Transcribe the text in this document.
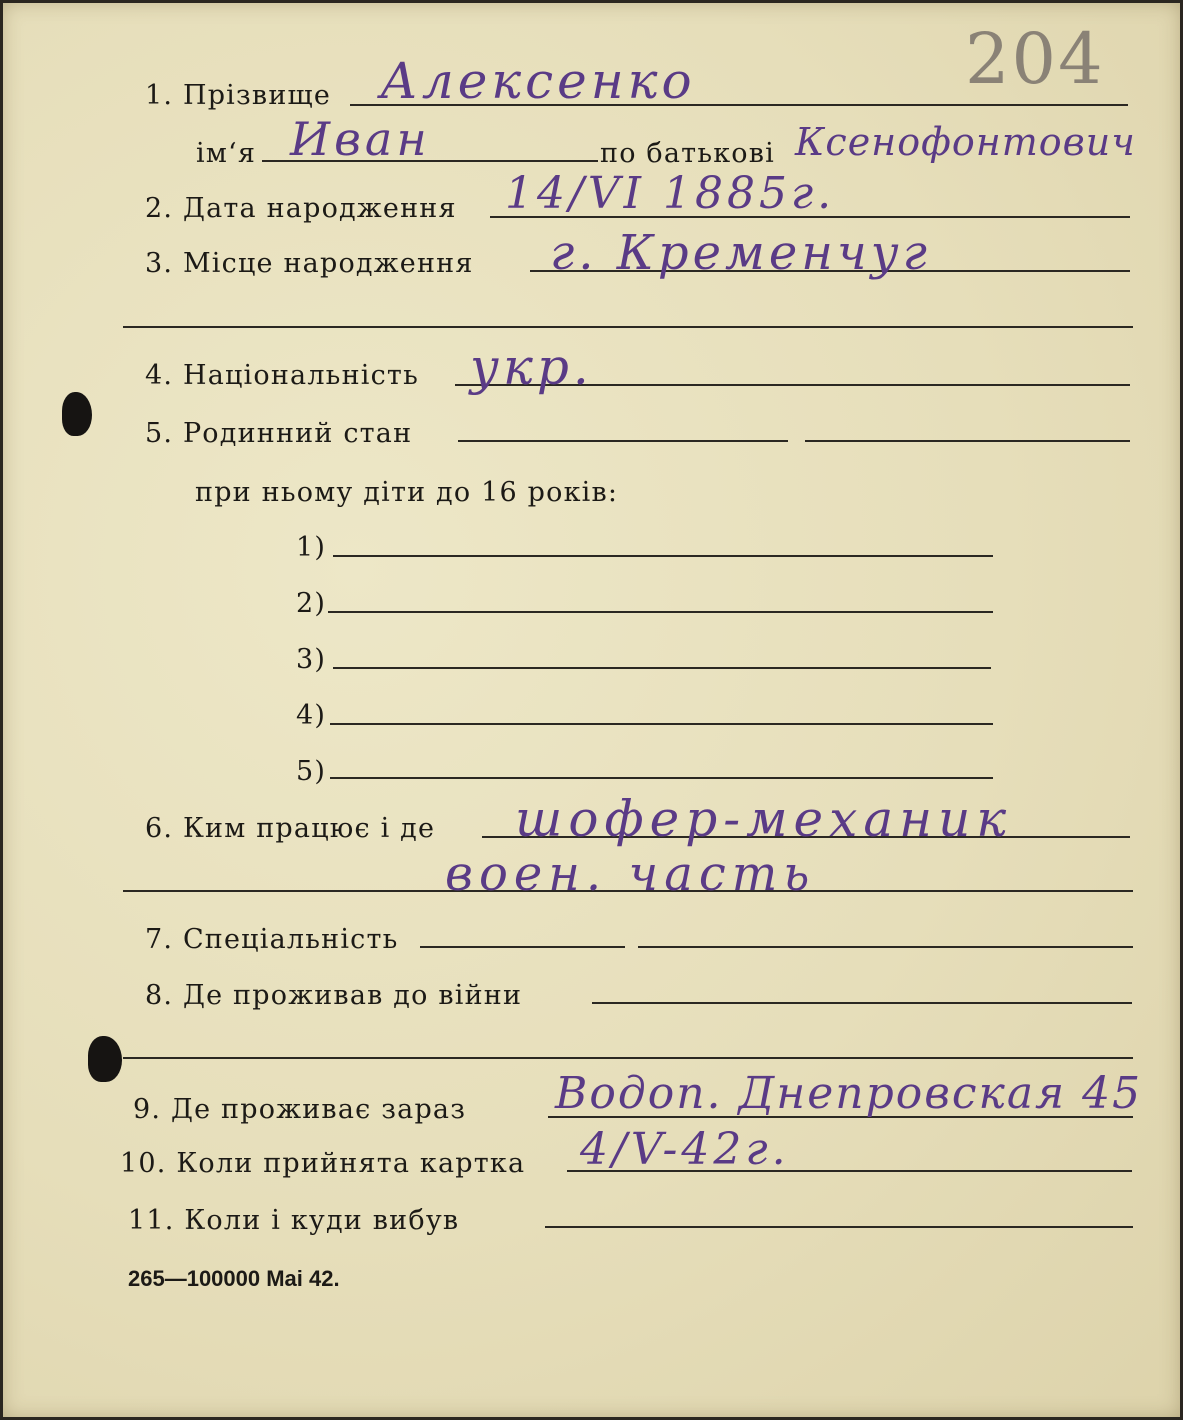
204
1. Прізвище Алексенко
ім‘я Иван	по батькові Ксенофонтович
2. Дата народження 14/VI 1885г.
3. Місце народження г. Кременчуг
4. Національність укр.
5. Родинний стан
при ньому діти до 16 років:
1)
2)
3)
4)
5)
6. Ким працює і де шофер-механик
воен. часть
7. Спеціальність
8. Де проживав до війни
9. Де проживає зараз Водоп. Днепровская 45
10. Коли прийнята картка 4/V-42г.
11. Коли і куди вибув
265—100000 Mai 42.
